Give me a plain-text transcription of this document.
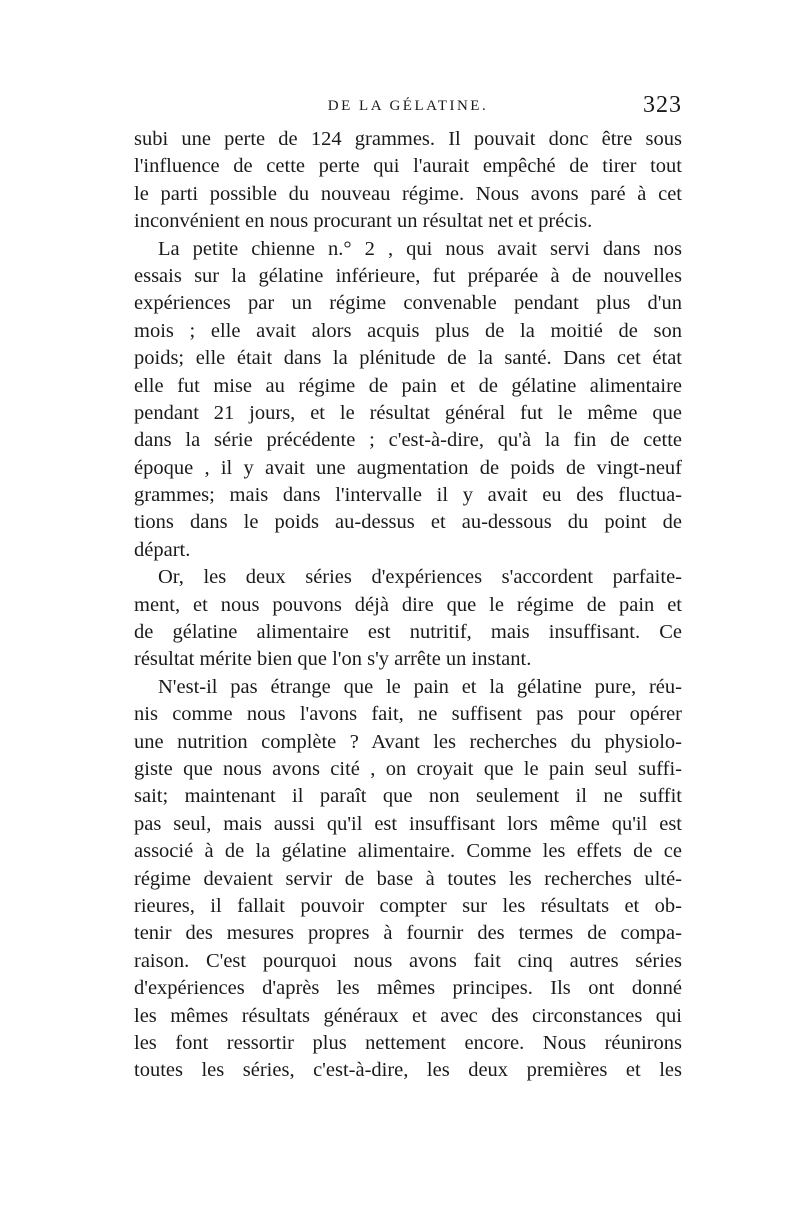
DE LA GÉLATINE.	323
subi une perte de 124 grammes. Il pouvait donc être sous
l'influence de cette perte qui l'aurait empêché de tirer tout
le parti possible du nouveau régime. Nous avons paré à cet
inconvénient en nous procurant un résultat net et précis.
La petite chienne n.° 2 , qui nous avait servi dans nos
essais sur la gélatine inférieure, fut préparée à de nouvelles
expériences par un régime convenable pendant plus d'un
mois ; elle avait alors acquis plus de la moitié de son
poids; elle était dans la plénitude de la santé. Dans cet état
elle fut mise au régime de pain et de gélatine alimentaire
pendant 21 jours, et le résultat général fut le même que
dans la série précédente ; c'est-à-dire, qu'à la fin de cette
époque , il y avait une augmentation de poids de vingt-neuf
grammes; mais dans l'intervalle il y avait eu des fluctua-
tions dans le poids au-dessus et au-dessous du point de
départ.
Or, les deux séries d'expériences s'accordent parfaite-
ment, et nous pouvons déjà dire que le régime de pain et
de gélatine alimentaire est nutritif, mais insuffisant. Ce
résultat mérite bien que l'on s'y arrête un instant.
N'est-il pas étrange que le pain et la gélatine pure, réu-
nis comme nous l'avons fait, ne suffisent pas pour opérer
une nutrition complète ? Avant les recherches du physiolo-
giste que nous avons cité , on croyait que le pain seul suffi-
sait; maintenant il paraît que non seulement il ne suffit
pas seul, mais aussi qu'il est insuffisant lors même qu'il est
associé à de la gélatine alimentaire. Comme les effets de ce
régime devaient servir de base à toutes les recherches ulté-
rieures, il fallait pouvoir compter sur les résultats et ob-
tenir des mesures propres à fournir des termes de compa-
raison. C'est pourquoi nous avons fait cinq autres séries
d'expériences d'après les mêmes principes. Ils ont donné
les mêmes résultats généraux et avec des circonstances qui
les font ressortir plus nettement encore. Nous réunirons
toutes les séries, c'est-à-dire, les deux premières et les
